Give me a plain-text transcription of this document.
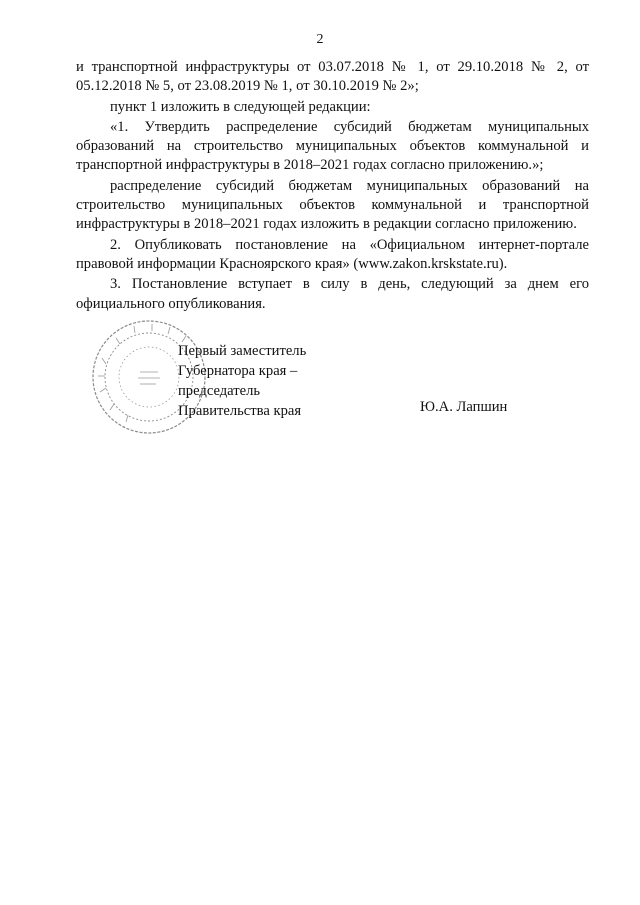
2

и транспортной инфраструктуры от 03.07.2018 № 1, от 29.10.2018 № 2, от 05.12.2018 № 5, от 23.08.2019 № 1, от 30.10.2019 № 2»;

пункт 1 изложить в следующей редакции:

«1. Утвердить распределение субсидий бюджетам муниципальных образований на строительство муниципальных объектов коммунальной и транспортной инфраструктуры в 2018–2021 годах согласно приложению.»;

распределение субсидий бюджетам муниципальных образований на строительство муниципальных объектов коммунальной и транспортной инфраструктуры в 2018–2021 годах изложить в редакции согласно приложению.

2. Опубликовать постановление на «Официальном интернет-портале правовой информации Красноярского края» (www.zakon.krskstate.ru).

3. Постановление вступает в силу в день, следующий за днем его официального опубликования.

Первый заместитель
Губернатора края –
председатель
Правительства края	Ю.А. Лапшин
